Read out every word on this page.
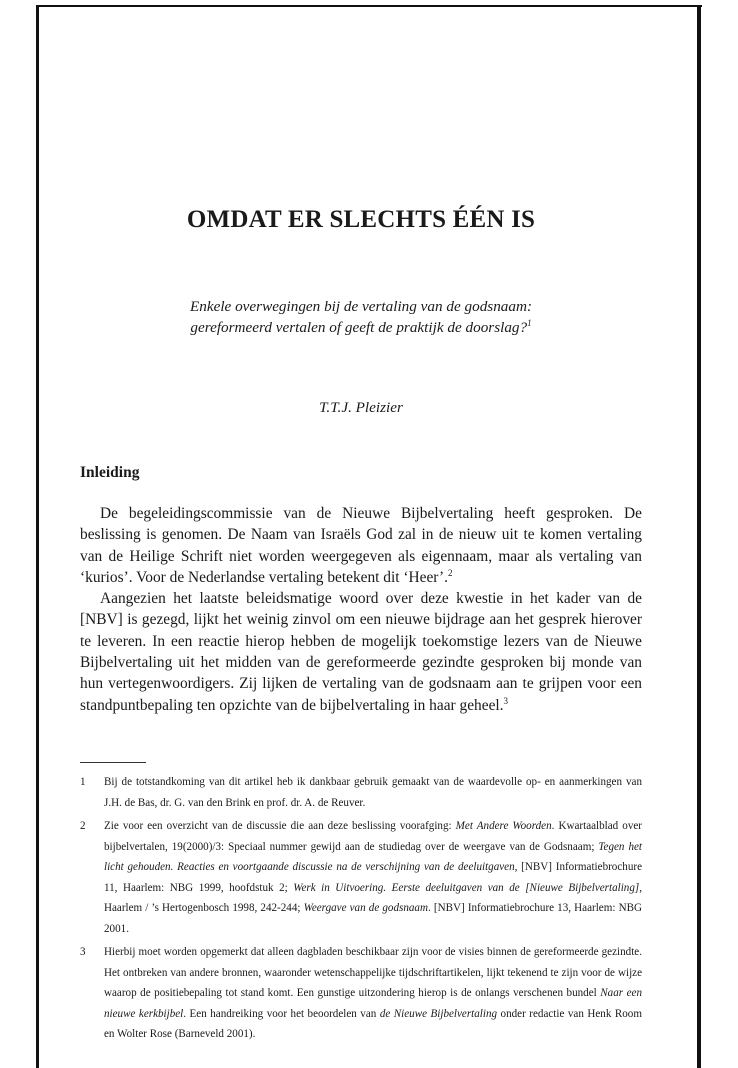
OMDAT ER SLECHTS ÉÉN IS
Enkele overwegingen bij de vertaling van de godsnaam:
gereformeerd vertalen of geeft de praktijk de doorslag?$^1$
T.T.J. Pleizier
Inleiding

De begeleidingscommissie van de Nieuwe Bijbelvertaling heeft gesproken. De beslissing is genomen. De Naam van Israëls God zal in de nieuw uit te komen vertaling van de Heilige Schrift niet worden weergegeven als eigennaam, maar als vertaling van ‘kurios’. Voor de Nederlandse vertaling betekent dit ‘Heer’.$^2$

Aangezien het laatste beleidsmatige woord over deze kwestie in het kader van de [NBV] is gezegd, lijkt het weinig zinvol om een nieuwe bijdrage aan het gesprek hierover te leveren. In een reactie hierop hebben de mogelijk toekomstige lezers van de Nieuwe Bijbelvertaling uit het midden van de gereformeerde gezindte gesproken bij monde van hun vertegenwoordigers. Zij lijken de vertaling van de godsnaam aan te grijpen voor een standpuntbepaling ten opzichte van de bijbelvertaling in haar geheel.$^3$

1 Bij de totstandkoming van dit artikel heb ik dankbaar gebruik gemaakt van de waardevolle op- en aanmerkingen van J.H. de Bas, dr. G. van den Brink en prof. dr. A. de Reuver.
2 Zie voor een overzicht van de discussie die aan deze beslissing voorafging: Met Andere Woorden. Kwartaalblad over bijbelvertalen, 19(2000)/3: Speciaal nummer gewijd aan de studiedag over de weergave van de Godsnaam; Tegen het licht gehouden. Reacties en voortgaande discussie na de verschijning van de deeluitgaven, [NBV] Informatiebrochure 11, Haarlem: NBG 1999, hoofdstuk 2; Werk in Uitvoering. Eerste deeluitgaven van de [Nieuwe Bijbelvertaling], Haarlem / ’s Hertogenbosch 1998, 242-244; Weergave van de godsnaam. [NBV] Informatiebrochure 13, Haarlem: NBG 2001.
3 Hierbij moet worden opgemerkt dat alleen dagbladen beschikbaar zijn voor de visies binnen de gereformeerde gezindte. Het ontbreken van andere bronnen, waaronder wetenschappelijke tijdschriftartikelen, lijkt tekenend te zijn voor de wijze waarop de positiebepaling tot stand komt. Een gunstige uitzondering hierop is de onlangs verschenen bundel Naar een nieuwe kerkbijbel. Een handreiking voor het beoordelen van de Nieuwe Bijbelvertaling onder redactie van Henk Room en Wolter Rose (Barneveld 2001).
